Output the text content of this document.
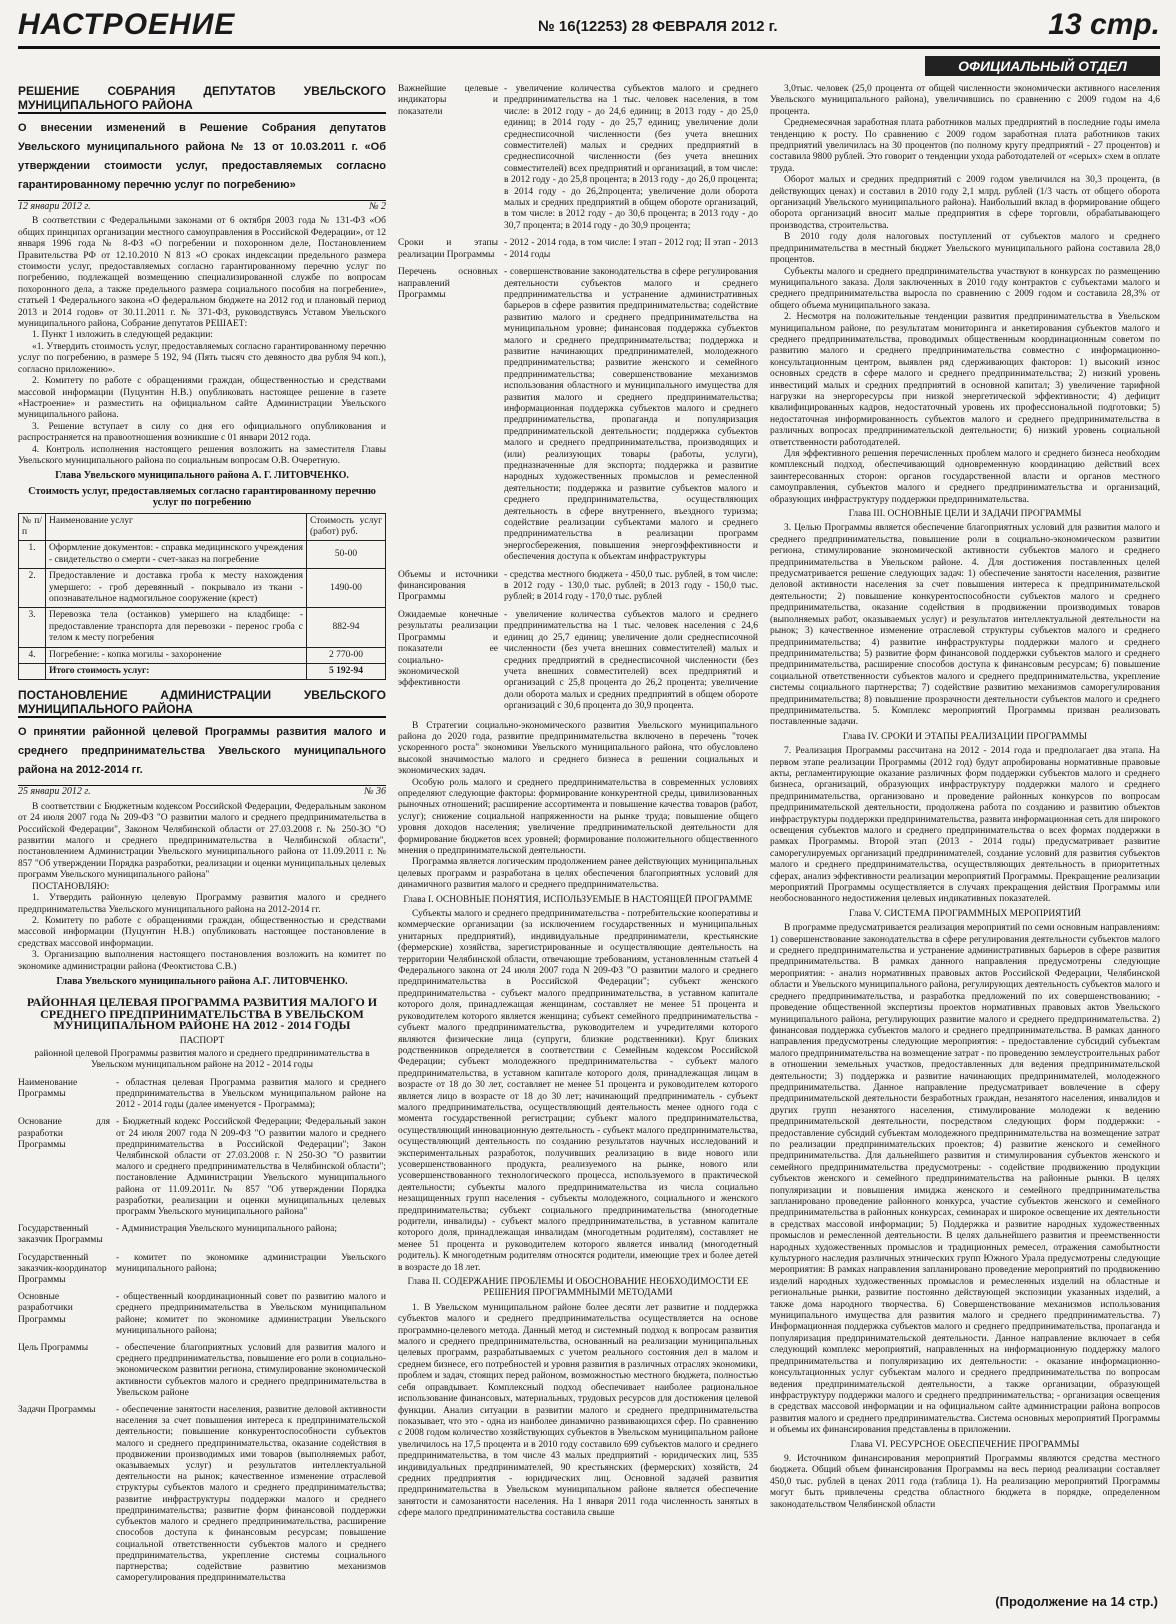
НАСТРОЕНИЕ	№ 16(12253) 28 ФЕВРАЛЯ 2012 г.	13 стр.
ОФИЦИАЛЬНЫЙ ОТДЕЛ
РЕШЕНИЕ СОБРАНИЯ ДЕПУТАТОВ УВЕЛЬСКОГО МУНИЦИПАЛЬНОГО РАЙОНА
О внесении изменений в Решение Собрания депутатов Увельского муниципального района № 13 от 10.03.2011 г. «Об утверждении стоимости услуг, предоставляемых согласно гарантированному перечню услуг по погребению»
12 январи 2012 г.	№ 2

В соответствии с Федеральными законами от 6 октября 2003 года № 131-ФЗ «Об общих принципах организации местного самоуправления в Российской Федерации», от 12 января 1996 года № 8-ФЗ «О погребении и похоронном деле, Постановлением Правительства РФ от 12.10.2010 N 813 «О сроках индексации предельного размера стоимости услуг, предоставляемых согласно гарантированному перечню услуг по погребению, подлежащей возмещению специализированной службе по вопросам похоронного дела, а также предельного размера социального пособия на погребение», статьей 1 Федерального закона «О федеральном бюджете на 2012 год и плановый период 2013 и 2014 годов» от 30.11.2011 г. № 371-ФЗ, руководствуясь Уставом Увельского муниципального района, Собрание депутатов РЕШАЕТ:

1. Пункт 1 изложить в следующей редакции:

«1. Утвердить стоимость услуг, предоставляемых согласно гарантированному перечню услуг по погребению, в размере 5 192, 94 (Пять тысяч сто девяносто два рубля 94 коп.), согласно приложению».

2. Комитету по работе с обращениями граждан, общественностью и средствами массовой информации (Пуцунтин Н.В.) опубликовать настоящее решение в газете «Настроение» и разместить на официальном сайте Администрации Увельского муниципального района.

3. Решение вступает в силу со дня его официального опубликования и распространяется на правоотношения возникшие с 01 январи 2012 года.

4. Контроль исполнения настоящего решения возложить на заместителя Главы Увельского муниципального района по социальным вопросам О.В. Очеретную.

Глава Увельского муниципального района А. Г. ЛИТОВЧЕНКО.
Стоимость услуг, предоставляемых согласно гарантированному перечню услуг по погребению
№ п/п	Наименование услуг	Стоимость услуг (работ) руб.
1.	Оформление документов: - справка медицинского учреждения - свидетельство о смерти - счет-заказ на погребение	50-00
2.	Предоставление и доставка гроба к месту нахождения умершего: - гроб деревянный - покрывало из ткани - опознавательное надмогильное сооружение (крест)	1490-00
3.	Перевозка тела (останков) умершего на кладбище: - предоставление транспорта для перевозки - перенос гроба с телом к месту погребения	882-94
4.	Погребение: - копка могилы - захоронение	2 770-00
	Итого стоимость услуг:	5 192-94
ПОСТАНОВЛЕНИЕ АДМИНИСТРАЦИИ УВЕЛЬСКОГО МУНИЦИПАЛЬНОГО РАЙОНА
О принятии районной целевой Программы развития малого и среднего предпринимательства Увельского муниципального района на 2012-2014 гг.
25 январи 2012 г.	№ 36

В соответствии с Бюджетным кодексом Российской Федерации, Федеральным законом от 24 июля 2007 года № 209-ФЗ "О развитии малого и среднего предпринимательства в Российской Федерации", Законом Челябинской области от 27.03.2008 г. № 250-ЗО "О развитии малого и среднего предпринимательства в Челябинской области", постановлением Администрации Увельского муниципального района от 11.09.2011 г. № 857 "Об утверждении Порядка разработки, реализации и оценки муниципальных целевых программ Увельского муниципального района"

ПОСТАНОВЛЯЮ:

1. Утвердить районную целевую Программу развития малого и среднего предпринимательства Увельского муниципального района на 2012-2014 гг.

2. Комитету по работе с обращениями граждан, общественностью и средствами массовой информации (Пуцунтин Н.В.) опубликовать настоящее постановление в средствах массовой информации.

3. Организацию выполнения настоящего постановления возложить на комитет по экономике администрации района (Феоктистова С.В.)

Глава Увельского муниципального района А.Г. ЛИТОВЧЕНКО.
РАЙОННАЯ ЦЕЛЕВАЯ ПРОГРАММА РАЗВИТИЯ МАЛОГО И СРЕДНЕГО ПРЕДПРИНИМАТЕЛЬСТВА В УВЕЛЬСКОМ МУНИЦИПАЛЬНОМ РАЙОНЕ НА 2012 - 2014 ГОДЫ
ПАСПОРТ
районной целевой Программы развития малого и среднего предпринимательства в Увельском муниципальном районе на 2012 - 2014 годы
Наименование Программы
- областная целевая Программа развития малого и среднего предпринимательства в Увельском муниципальном районе на 2012 - 2014 годы (далее именуется - Программа);
Основание для разработки Программы
- Бюджетный кодекс Российской Федерации; Федеральный закон от 24 июля 2007 года N 209-ФЗ "О развитии малого и среднего предпринимательства в Российской Федерации"; Закон Челябинской области от 27.03.2008 г. N 250-ЗО "О развитии малого и среднего предпринимательства в Челябинской области"; постановление Администрации Увельского муниципального района от 11.09.2011г. № 857 "Об утверждении Порядка разработки, реализации и оценки муниципальных целевых программ Увельского муниципального района"
Государственный заказчик Программы
- Администрация Увельского муниципального района;
Государственный заказчик-координатор Программы
- комитет по экономике администрации Увельского муниципального района;
Основные разработчики Программы
- общественный координационный совет по развитию малого и среднего предпринимательства в Увельском муниципальном районе; комитет по экономике администрации Увельского муниципального района;
Цель Программы	- обеспечение благоприятных условий для развития малого и среднего предпринимательства, повышение его роли в социально-экономическом развитии региона, стимулирование экономической активности субъектов малого и среднего предпринимательства в Увельском районе
Задачи Программы	- обеспечение занятости населения, развитие деловой активности населения за счет повышения интереса к предпринимательской деятельности; повышение конкурентоспособности субъектов малого и среднего предпринимательства, оказание содействия в продвижении производимых ими товаров (выполняемых работ, оказываемых услуг) и результатов интеллектуальной деятельности на рынок; качественное изменение отраслевой структуры субъектов малого и среднего предпринимательства; развитие инфраструктуры поддержки малого и среднего предпринимательства; развитие форм финансовой поддержки субъектов малого и среднего предпринимательства, расширение способов доступа к финансовым ресурсам; повышение социальной ответственности субъектов малого и среднего предпринимательства, укрепление системы социального партнерства; содействие развитию механизмов саморегулирования предпринимательства
Важнейшие целевые индикаторы и показатели
- увеличение количества субъектов малого и среднего предпринимательства на 1 тыс. человек населения, в том числе: в 2012 году - до 24,6 единиц; в 2013 году - до 25,0 единиц; в 2014 году - до 25,7 единиц; увеличение доли среднесписочной численности (без учета внешних совместителей) малых и средних предприятий в среднесписочной численности (без учета внешних совместителей) всех предприятий и организаций, в том числе: в 2012 году - до 25,8 процента; в 2013 году - до 26,0 процента; в 2014 году - до 26,2процента; увеличение доли оборота малых и средних предприятий в общем обороте организаций, в том числе: в 2012 году - до 30,6 процента; в 2013 году - до 30,7 процента; в 2014 году - до 30,9 процента;
Сроки и этапы реализации Программы
- 2012 - 2014 года, в том числе: I этап - 2012 год; II этап - 2013 - 2014 годы
Перечень основных направлений Программы
- совершенствование законодательства в сфере регулирования деятельности субъектов малого и среднего предпринимательства и устранение административных барьеров в сфере развития предпринимательства; содействие развитию малого и среднего предпринимательства на муниципальном уровне; финансовая поддержка субъектов малого и среднего предпринимательства; поддержка и развитие начинающих предпринимателей, молодежного предпринимательства; развитие женского и семейного предпринимательства; совершенствование механизмов использования областного и муниципального имущества для развития малого и среднего предпринимательства; информационная поддержка субъектов малого и среднего предпринимательства, пропаганда и популяризация предпринимательской деятельности; поддержка субъектов малого и среднего предпринимательства, производящих и (или) реализующих товары (работы, услуги), предназначенные для экспорта; поддержка и развитие народных художественных промыслов и ремесленной деятельности; поддержка и развитие субъектов малого и среднего предпринимательства, осуществляющих деятельность в сфере внутреннего, въездного туризма; содействие реализации субъектами малого и среднего предпринимательства в реализации программ энергосбережения, повышения энергоэффективности и обеспечения доступа к объектам инфраструктуры
Объемы и источники финансирования Программы
- средства местного бюджета - 450,0 тыс. рублей, в том числе: в 2012 году - 130,0 тыс. рублей; в 2013 году - 150,0 тыс. рублей; в 2014 году - 170,0 тыс. рублей
Ожидаемые конечные результаты реализации Программы и показатели ее социально-экономической эффективности
- увеличение количества субъектов малого и среднего предпринимательства на 1 тыс. человек населения с 24,6 единиц до 25,7 единиц; увеличение доли среднесписочной численности (без учета внешних совместителей) малых и средних предприятий в среднесписочной численности (без учета внешних совместителей) всех предприятий и организаций с 25,8 процента до 26,2 процента; увеличение доли оборота малых и средних предприятий в общем обороте организаций с 30,6 процента до 30,9 процента.

В Стратегии социально-экономического развития Увельского муниципального района до 2020 года, развитие предпринимательства включено в перечень "точек ускоренного роста" экономики Увельского муниципального района, что обусловлено высокой значимостью малого и среднего бизнеса в решении социальных и экономических задач.

Особую роль малого и среднего предпринимательства в современных условиях определяют следующие факторы: формирование конкурентной среды, цивилизованных рыночных отношений; расширение ассортимента и повышение качества товаров (работ, услуг); снижение социальной напряженности на рынке труда; повышение общего уровня доходов населения; увеличение предпринимательской деятельности для формирование бюджетов всех уровней; формирование положительного общественного мнения о предпринимательской деятельности.

Программа является логическим продолжением ранее действующих муниципальных целевых программ и разработана в целях обеспечения благоприятных условий для динамичного развития малого и среднего предпринимательства.

Глава I. ОСНОВНЫЕ ПОНЯТИЯ, ИСПОЛЬЗУЕМЫЕ В НАСТОЯЩЕЙ ПРОГРАММЕ

Субъекты малого и среднего предпринимательства - потребительские кооперативы и коммерческие организации (за исключением государственных и муниципальных унитарных предприятий), индивидуальные предприниматели, крестьянские (фермерские) хозяйства, зарегистрированные и осуществляющие деятельность на территории Челябинской области, отвечающие требованиям, установленным статьей 4 Федерального закона от 24 июля 2007 года N 209-ФЗ "О развитии малого и среднего предпринимательства в Российской Федерации"; субъект женского предпринимательства - субъект малого предпринимательства, в уставном капитале которого доля, принадлежащая женщинам, составляет не менее 51 процента и руководителем которого является женщина; субъект семейного предпринимательства - субъект малого предпринимательства, руководителем и учредителями которого являются физические лица (супруги, близкие родственники). Круг близких родственников определяется в соответствии с Семейным кодексом Российской Федерации; субъект молодежного предпринимательства - субъект малого предпринимательства, в уставном капитале которого доля, принадлежащая лицам в возрасте от 18 до 30 лет, составляет не менее 51 процента и руководителем которого является лицо в возрасте от 18 до 30 лет; начинающий предприниматель - субъект малого предпринимательства, осуществляющий деятельность менее одного года с момента государственной регистрации; субъект малого предпринимательства, осуществляющий инновационную деятельность - субъект малого предпринимательства, осуществляющий деятельность по созданию результатов научных исследований и экспериментальных разработок, получивших реализацию в виде нового или усовершенствованного продукта, реализуемого на рынке, нового или усовершенствованного технологического процесса, используемого в практической деятельности; субъекты малого предпринимательства из числа социально незащищенных групп населения - субъекты молодежного, социального и женского предпринимательства; субъект социального предпринимательства (многодетные родители, инвалиды) - субъект малого предпринимательства, в уставном капитале которого доля, принадлежащая инвалидам (многодетным родителям), составляет не менее 51 процента и руководителем которого является инвалид (многодетный родитель). К многодетным родителям относятся родители, имеющие трех и более детей в возрасте до 18 лет.

Глава II. СОДЕРЖАНИЕ ПРОБЛЕМЫ И ОБОСНОВАНИЕ НЕОБХОДИМОСТИ ЕЕ РЕШЕНИЯ ПРОГРАММНЫМИ МЕТОДАМИ

1. В Увельском муниципальном районе более десяти лет развитие и поддержка субъектов малого и среднего предпринимательства осуществляется на основе программно-целевого метода. Данный метод и системный подход к вопросам развития малого и среднего предпринимательства, основанный на реализации муниципальных целевых программ, разрабатываемых с учетом реального состояния дел в малом и среднем бизнесе, его потребностей и уровня развития в различных отраслях экономики, проблем и задач, стоящих перед районом, возможностью местного бюджета, полностью себя оправдывает. Комплексный подход обеспечивает наиболее рациональное использование финансовых, материальных, трудовых ресурсов для достижения целевой функции. Анализ ситуации в развитии малого и среднего предпринимательства показывает, что это - одна из наиболее динамично развивающихся сфер. По сравнению с 2008 годом количество хозяйствующих субъектов в Увельском муниципальном районе увеличилось на 17,5 процента и в 2010 году составило 699 субъектов малого и среднего предпринимательства, в том числе 43 малых предприятий - юридических лиц, 535 индивидуальных предпринимателей, 90 крестьянских (фермерских) хозяйств, 24 средних предприятия - юридических лиц. Основной задачей развития предпринимательства в Увельском муниципальном районе является обеспечение занятости и самозанятости населения. На 1 января 2011 года численность занятых в сфере малого предпринимательства составила свыше

3,0тыс. человек (25,0 процента от общей численности экономически активного населения Увельского муниципального района), увеличившись по сравнению с 2009 годом на 4,6 процента.

Среднемесячная заработная плата работников малых предприятий в последние годы имела тенденцию к росту. По сравнению с 2009 годом заработная плата работников таких предприятий увеличилась на 30 процентов (по полному кругу предприятий - 27 процентов) и составила 9800 рублей. Это говорит о тенденции ухода работодателей от «серых» схем в оплате труда.

Оборот малых и средних предприятий с 2009 годом увеличился на 30,3 процента, (в действующих ценах) и составил в 2010 году 2,1 млрд. рублей (1/3 часть от общего оборота организаций Увельского муниципального района). Наибольший вклад в формирование общего оборота организаций вносит малые предприятия в сфере торговли, обрабатывающего производства, строительства.

В 2010 году доля налоговых поступлений от субъектов малого и среднего предпринимательства в местный бюджет Увельского муниципального района составила 28,0 процентов.

Субъекты малого и среднего предпринимательства участвуют в конкурсах по размещению муниципального заказа. Доля заключенных в 2010 году контрактов с субъектами малого и среднего предпринимательства выросла по сравнению с 2009 годом и составила 28,3% от общего объема муниципального заказа.

2. Несмотря на положительные тенденции развития предпринимательства в Увельском муниципальном районе, по результатам мониторинга и анкетирования субъектов малого и среднего предпринимательства, проводимых общественным координационным советом по развитию малого и среднего предпринимательства совместно с информационно-консультационным центром, выявлен ряд сдерживающих факторов: 1) высокий износ основных средств в сфере малого и среднего предпринимательства; 2) низкий уровень инвестиций малых и средних предприятий в основной капитал; 3) увеличение тарифной нагрузки на энергоресурсы при низкой энергетической эффективности; 4) дефицит квалифицированных кадров, недостаточный уровень их профессиональной подготовки; 5) недостаточная информированность субъектов малого и среднего предпринимательства в различных вопросах предпринимательской деятельности; 6) низкий уровень социальной ответственности работодателей.

Для эффективного решения перечисленных проблем малого и среднего бизнеса необходим комплексный подход, обеспечивающий одновременную координацию действий всех заинтересованных сторон: органов государственной власти и органов местного самоуправления, субъектов малого и среднего предпринимательства и организаций, образующих инфраструктуру поддержки предпринимательства.

Глава III. ОСНОВНЫЕ ЦЕЛИ И ЗАДАЧИ ПРОГРАММЫ

3. Целью Программы является обеспечение благоприятных условий для развития малого и среднего предпринимательства, повышение роли в социально-экономическом развитии региона, стимулирование экономической активности субъектов малого и среднего предпринимательства в Увельском районе. 4. Для достижения поставленных целей предусматривается решение следующих задач: 1) обеспечение занятости населения, развитие деловой активности населения за счет повышения интереса к предпринимательской деятельности; 2) повышение конкурентоспособности субъектов малого и среднего предпринимательства, оказание содействия в продвижении производимых товаров (выполняемых работ, оказываемых услуг) и результатов интеллектуальной деятельности на рынок; 3) качественное изменение отраслевой структуры субъектов малого и среднего предпринимательства; 4) развитие инфраструктуры поддержки малого и среднего предпринимательства; 5) развитие форм финансовой поддержки субъектов малого и среднего предпринимательства, расширение способов доступа к финансовым ресурсам; 6) повышение социальной ответственности субъектов малого и среднего предпринимательства, укрепление системы социального партнерства; 7) содействие развитию механизмов саморегулирования предпринимательства; 8) повышение прозрачности деятельности субъектов малого и среднего предпринимательства. 5. Комплекс мероприятий Программы призван реализовать поставленные задачи.

Глава IV. СРОКИ И ЭТАПЫ РЕАЛИЗАЦИИ ПРОГРАММЫ

7. Реализация Программы рассчитана на 2012 - 2014 года и предполагает два этапа. На первом этапе реализации Программы (2012 год) будут апробированы нормативные правовые акты, регламентирующие оказание различных форм поддержки субъектов малого и среднего бизнеса, организаций, образующих инфраструктуру поддержки малого и среднего предпринимательства, организовано и проведение районных конкурсов по вопросам предпринимательской деятельности, продолжена работа по созданию и развитию объектов инфраструктуры поддержки предпринимательства, развита информационная сеть для широкого освещения субъектов малого и среднего предпринимательства о всех формах поддержки в рамках Программы. Второй этап (2013 - 2014 годы) предусматривает развитие саморегулируемых организаций предпринимателей, создание условий для развития субъектов малого и среднего предпринимательства, осуществляющих деятельность в приоритетных сферах, анализ эффективности реализации мероприятий Программы. Прекращение реализации мероприятий Программы осуществляется в случаях прекращения действия Программы или необоснованного недостижения целевых индикативных показателей.

Глава V. СИСТЕМА ПРОГРАММНЫХ МЕРОПРИЯТИЙ

В программе предусматривается реализация мероприятий по семи основным направлениям: 1) совершенствование законодательства в сфере регулирования деятельности субъектов малого и среднего предпринимательства и устранение административных барьеров в сфере развития предпринимательства. В рамках данного направления предусмотрены следующие мероприятия: - анализ нормативных правовых актов Российской Федерации, Челябинской области и Увельского муниципального района, регулирующих деятельность субъектов малого и среднего предпринимательства, и разработка предложений по их совершенствованию; - проведение общественной экспертизы проектов нормативных правовых актов Увельского муниципального района, регулирующих развитие малого и среднего предпринимательства. 2) финансовая поддержка субъектов малого и среднего предпринимательства. В рамках данного направления предусмотрены следующие мероприятия: - предоставление субсидий субъектам малого предпринимательства на возмещение затрат - по проведению землеустроительных работ в отношении земельных участков, предоставленных для ведения предпринимательской деятельности; 3) поддержка и развитие начинающих предпринимателей, молодежного предпринимательства. Данное направление предусматривает вовлечение в сферу предпринимательской деятельности безработных граждан, незанятого населения, инвалидов и других групп незанятого населения, стимулирование молодежи к ведению предпринимательской деятельности, посредством следующих форм поддержки: - предоставление субсидий субъектам молодежного предпринимательства на возмещение затрат по реализации предпринимательских проектов; 4) развитие женского и семейного предпринимательства. Для дальнейшего развития и стимулирования субъектов женского и семейного предпринимательства предусмотрены: - содействие продвижению продукции субъектов женского и семейного предпринимательства на районные рынки. В целях популяризации и повышения имиджа женского и семейного предпринимательства запланировано проведение районного конкурса, участие субъектов женского и семейного предпринимательства в районных конкурсах, семинарах и широкое освещение их деятельности в средствах массовой информации; 5) Поддержка и развитие народных художественных промыслов и ремесленной деятельности. В целях дальнейшего развития и преемственности народных художественных промыслов и традиционных ремесел, отражения самобытности культурного наследия различных этнических групп Южного Урала предусмотрены следующие мероприятия: В рамках направления запланировано проведение мероприятий по продвижению изделий народных художественных промыслов и ремесленных изделий на областные и региональные рынки, развитие постоянно действующей экспозиции указанных изделий, а также дома народного творчества. 6) Совершенствование механизмов использования муниципального имущества для развития малого и среднего предпринимательства. 7) Информационная поддержка субъектов малого и среднего предпринимательства, пропаганда и популяризация предпринимательской деятельности. Данное направление включает в себя следующий комплекс мероприятий, направленных на информационную поддержку малого предпринимательства и популяризацию их деятельности: - оказание информационно-консультационных услуг субъектам малого и среднего предпринимательства по вопросам ведения предпринимательской деятельности, а также организации, образующей инфраструктуру поддержки малого и среднего предпринимательства; - организация освещения в средствах массовой информации и на официальном сайте администрации района вопросов развития малого и среднего предпринимательства. Система основных мероприятий Программы и объемы их финансирования представлены в приложении.

Глава VI. РЕСУРСНОЕ ОБЕСПЕЧЕНИЕ ПРОГРАММЫ

9. Источником финансирования мероприятий Программы являются средства местного бюджета. Общий объем финансирования Программы на весь период реализации составляет 450,0 тыс. рублей в ценах 2011 года (таблица 1). На реализацию мероприятий Программы могут быть привлечены средства областного бюджета в порядке, определенном законодательством Челябинской области

(Продолжение на 14 стр.)
